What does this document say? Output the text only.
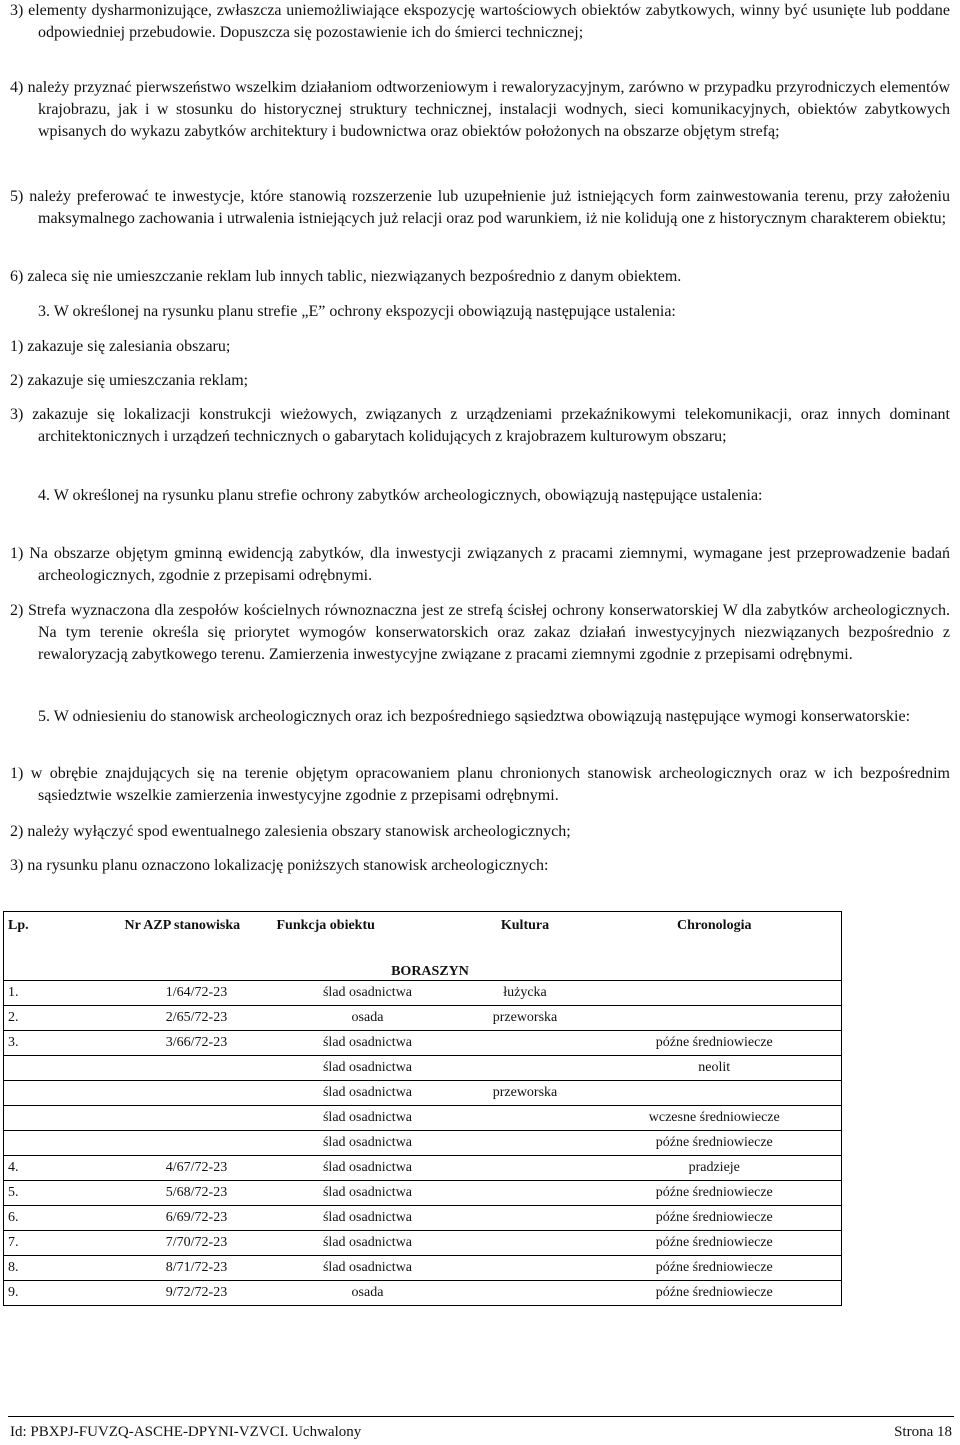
3) elementy dysharmonizujące, zwłaszcza uniemożliwiające ekspozycję wartościowych obiektów zabytkowych, winny być usunięte lub poddane odpowiedniej przebudowie. Dopuszcza się pozostawienie ich do śmierci technicznej;
4) należy przyznać pierwszeństwo wszelkim działaniom odtworzeniowym i rewaloryzacyjnym, zarówno w przypadku przyrodniczych elementów krajobrazu, jak i w stosunku do historycznej struktury technicznej, instalacji wodnych, sieci komunikacyjnych, obiektów zabytkowych wpisanych do wykazu zabytków architektury i budownictwa oraz obiektów położonych na obszarze objętym strefą;
5) należy preferować te inwestycje, które stanowią rozszerzenie lub uzupełnienie już istniejących form zainwestowania terenu, przy założeniu maksymalnego zachowania i utrwalenia istniejących już relacji oraz pod warunkiem, iż nie kolidują one z historycznym charakterem obiektu;
6) zaleca się nie umieszczanie reklam lub innych tablic, niezwiązanych bezpośrednio z danym obiektem.
3. W określonej na rysunku planu strefie „E” ochrony ekspozycji obowiązują następujące ustalenia:
1) zakazuje się zalesiania obszaru;
2) zakazuje się umieszczania reklam;
3) zakazuje się lokalizacji konstrukcji wieżowych, związanych z urządzeniami przekaźnikowymi telekomunikacji, oraz innych dominant architektonicznych i urządzeń technicznych o gabarytach kolidujących z krajobrazem kulturowym obszaru;
4. W określonej na rysunku planu strefie ochrony zabytków archeologicznych, obowiązują następujące ustalenia:
1) Na obszarze objętym gminną ewidencją zabytków, dla inwestycji związanych z pracami ziemnymi, wymagane jest przeprowadzenie badań archeologicznych, zgodnie z przepisami odrębnymi.
2) Strefa wyznaczona dla zespołów kościelnych równoznaczna jest ze strefą ścisłej ochrony konserwatorskiej W dla zabytków archeologicznych. Na tym terenie określa się priorytet wymogów konserwatorskich oraz zakaz działań inwestycyjnych niezwiązanych bezpośrednio z rewaloryzacją zabytkowego terenu. Zamierzenia inwestycyjne związane z pracami ziemnymi zgodnie z przepisami odrębnymi.
5. W odniesieniu do stanowisk archeologicznych oraz ich bezpośredniego sąsiedztwa obowiązują następujące wymogi konserwatorskie:
1) w obrębie znajdujących się na terenie objętym opracowaniem planu chronionych stanowisk archeologicznych oraz w ich bezpośrednim sąsiedztwie wszelkie zamierzenia inwestycyjne zgodnie z przepisami odrębnymi.
2) należy wyłączyć spod ewentualnego zalesienia obszary stanowisk archeologicznych;
3) na rysunku planu oznaczono lokalizację poniższych stanowisk archeologicznych:
Lp.	Nr AZP stanowiska	Funkcja obiektu	Kultura	Chronologia
		BORASZYN		
1.	1/64/72-23	ślad osadnictwa	łużycka	
2.	2/65/72-23	osada	przeworska	
3.	3/66/72-23	ślad osadnictwa		późne średniowiecze
		ślad osadnictwa		neolit
		ślad osadnictwa	przeworska	
		ślad osadnictwa		wczesne średniowiecze
		ślad osadnictwa		późne średniowiecze
4.	4/67/72-23	ślad osadnictwa		pradzieje
5.	5/68/72-23	ślad osadnictwa		późne średniowiecze
6.	6/69/72-23	ślad osadnictwa		późne średniowiecze
7.	7/70/72-23	ślad osadnictwa		późne średniowiecze
8.	8/71/72-23	ślad osadnictwa		późne średniowiecze
9.	9/72/72-23	osada		późne średniowiecze
Id: PBXPJ-FUVZQ-ASCHE-DPYNI-VZVCI. Uchwalony	Strona 18
